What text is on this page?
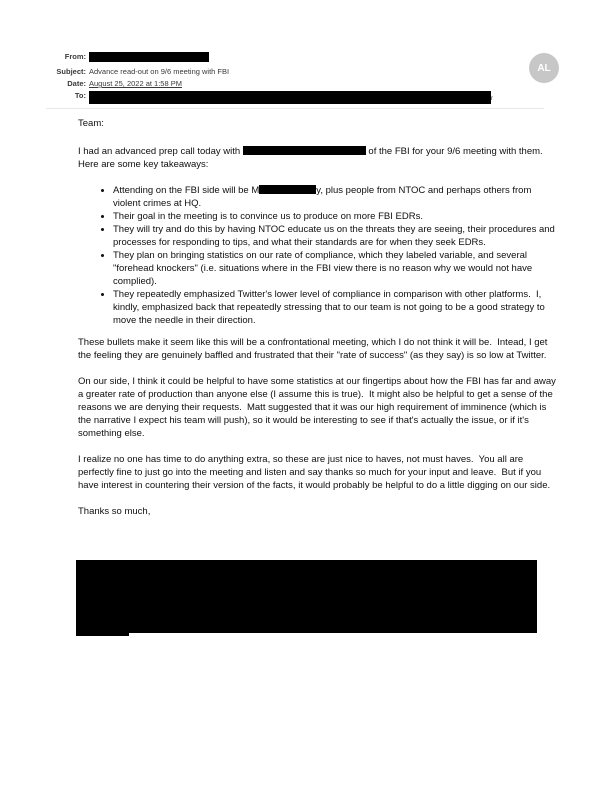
From:
Subject: Advance read-out on 9/6 meeting with FBI
Date: August 25, 2022 at 1:58 PM
To:	r
AL

Team:

I had an advanced prep call today with	of the FBI for your 9/6 meeting with them.  Here are some key takeaways:

• Attending on the FBI side will be M	y, plus people from NTOC and perhaps others from violent crimes at HQ.
• Their goal in the meeting is to convince us to produce on more FBI EDRs.
• They will try and do this by having NTOC educate us on the threats they are seeing, their procedures and processes for responding to tips, and what their standards are for when they seek EDRs.
• They plan on bringing statistics on our rate of compliance, which they labeled variable, and several "forehead knockers" (i.e. situations where in the FBI view there is no reason why we would not have complied).
• They repeatedly emphasized Twitter's lower level of compliance in comparison with other platforms.  I, kindly, emphasized back that repeatedly stressing that to our team is not going to be a good strategy to move the needle in their direction.

These bullets make it seem like this will be a confrontational meeting, which I do not think it will be.  Intead, I get the feeling they are genuinely baffled and frustrated that their "rate of success" (as they say) is so low at Twitter.

On our side, I think it could be helpful to have some statistics at our fingertips about how the FBI has far and away a greater rate of production than anyone else (I assume this is true).  It might also be helpful to get a sense of the reasons we are denying their requests.  Matt suggested that it was our high requirement of imminence (which is the narrative I expect his team will push), so it would be interesting to see if that's actually the issue, or if it's something else.

I realize no one has time to do anything extra, so these are just nice to haves, not must haves.  You all are perfectly fine to just go into the meeting and listen and say thanks so much for your input and leave.  But if you have interest in countering their version of the facts, it would probably be helpful to do a little digging on our side.

Thanks so much,
